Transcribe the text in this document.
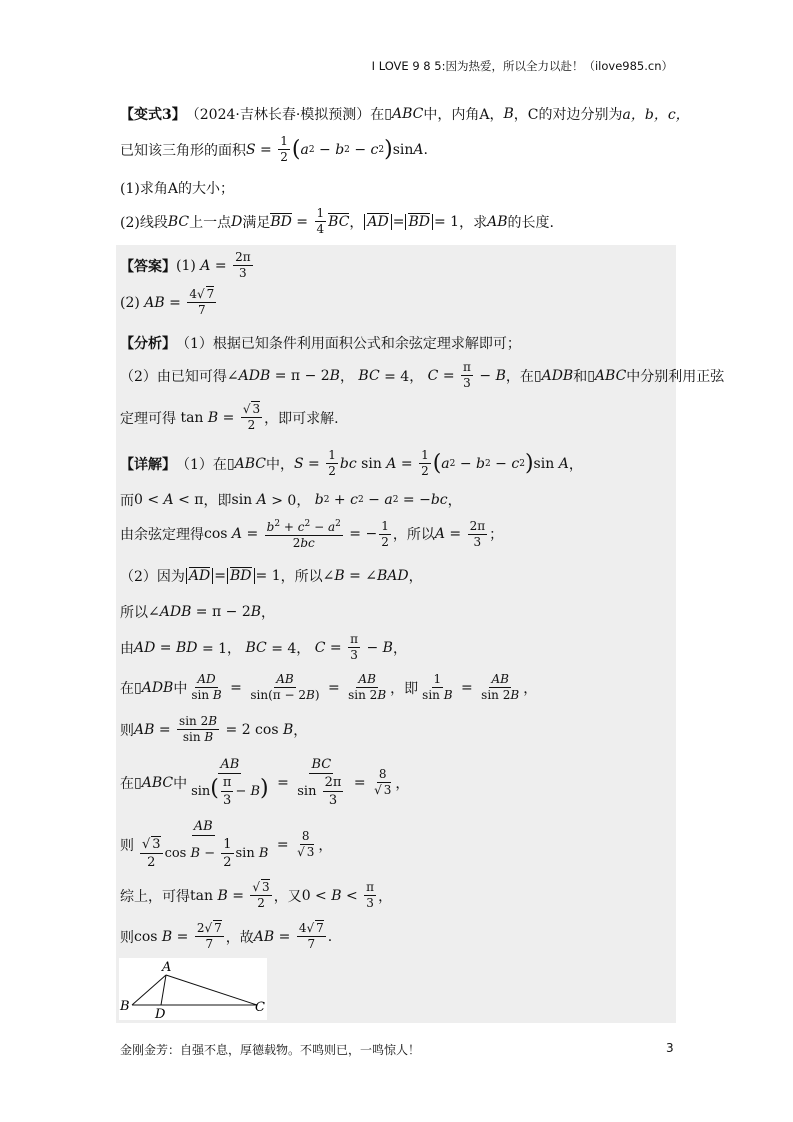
I LOVE 9 8 5:因为热爱，所以全力以赴！（ilove985.cn）
【变式3】 （2024·吉林长春·模拟预测）在 ▯ABC 中，内角A， B ，C的对边分别为 a，b，c，
已知该三角形的面积 $S = \frac{1}{2}$ ( a 2 − b 2 − c 2 ) sin A .
(1)求角A的大小；
(2)线段 BC 上一点 D 满足 BD = $\frac{1}{4}$ BC ， AD = BD = 1 ，求 AB 的长度.
【答案】 (1)
$A = \frac{2\pi}{3}$
(2)
AB = $\frac{4√ 7}{7}$
【分析】 （1）根据已知条件利用面积公式和余弦定理求解即可；
（2）由已知可得 ∠ ADB = π − 2 B ， BC = 4， $C = \frac{\pi}{3} - B$ ，在 ▯ ADB 和 ▯ ABC 中分别利用正弦
定理可得 $\tan B = \frac{√ 3}{2}$ ，即可求解.
【详解】 （1）在 ▯ ABC 中， $S = \frac{1}{2}$ bc $\sin A = \frac{1}{2}$ ( a 2 − b 2 − c 2 ) sin A ，
而 0 < A < π ，即 sin A > 0， b 2 + c 2 − a 2 = − bc ，
由余弦定理得 $\cos A = \frac{b^2 + c^2 - a^2}{2bc}$ = − $\frac{1}{2}$ ，所以 $A = \frac{2\pi}{3}$ ；
（2）因为 AD = BD = 1 ，所以 ∠ B = ∠ BAD ，
所以 ∠ ADB = π − 2 B ，
由 AD = BD = 1， BC = 4， $C = \frac{\pi}{3} - B$ ，
在 ▯ ADB 中 $\frac{AD}{\text{sin B}} = \frac{AB}{\sin(\pi - 2B)} = \frac{AB}{\sin 2B}$ ，即 $\frac{1}{\text{sin B}} = \frac{AB}{\sin 2B}$ ，
则 AB = $\frac{\sin 2B}{\text{sin B}} = 2$ cos B ，
在 ▯ ABC 中 $\frac{AB}{\sin( \frac{\pi}{3} - B)} = \frac{BC}{\sin \frac{2\pi}{3}} = \frac{8}{√ 3}$ ，
则 $\frac{AB}{\frac{√ 3}{2} \cos B - \frac{1}{2} \sin B} = \frac{8}{√ 3}$ ，
综上，可得 $\tan B = \frac{√ 3}{2}$ ，又 $0 < B < \frac{\pi}{3}$ ，
则 $\cos B = \frac{2√ 7}{7}$ ，故 AB = $\frac{4√ 7}{7}$ .
A
B	C
D
金刚金芳：自强不息，厚德载物。不鸣则已，一鸣惊人！	3
